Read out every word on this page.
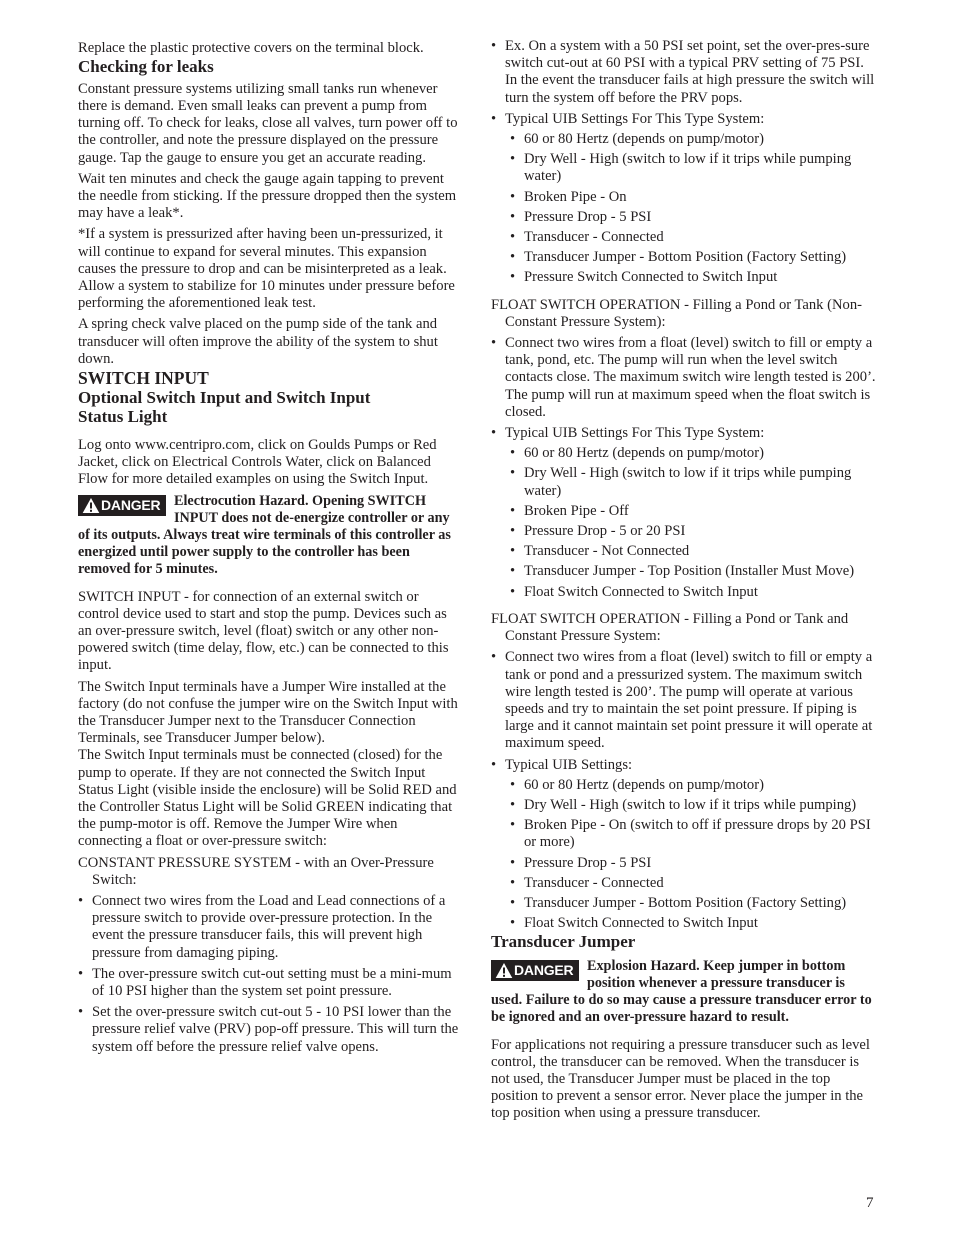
Replace the plastic protective covers on the terminal block.

Checking for leaks

Constant pressure systems utilizing small tanks run whenever there is demand. Even small leaks can prevent a pump from turning off. To check for leaks, close all valves, turn power off to the controller, and note the pressure displayed on the pressure gauge. Tap the gauge to ensure you get an accurate reading.

Wait ten minutes and check the gauge again tapping to prevent the needle from sticking. If the pressure dropped then the system may have a leak*.

*If a system is pressurized after having been un-pressurized, it will continue to expand for several minutes. This expansion causes the pressure to drop and can be misinterpreted as a leak. Allow a system to stabilize for 10 minutes under pressure before performing the aforementioned leak test.

A spring check valve placed on the pump side of the tank and transducer will often improve the ability of the system to shut down.

SWITCH INPUT
Optional Switch Input and Switch Input Status Light

Log onto www.centripro.com, click on Goulds Pumps or Red Jacket, click on Electrical Controls Water, click on Balanced Flow for more detailed examples on using the Switch Input.

DANGER Electrocution Hazard. Opening SWITCH INPUT does not de-energize controller or any of its outputs. Always treat wire terminals of this controller as energized until power supply to the controller has been removed for 5 minutes.

SWITCH INPUT - for connection of an external switch or control device used to start and stop the pump. Devices such as an over-pressure switch, level (float) switch or any other non-powered switch (time delay, flow, etc.) can be connected to this input.

The Switch Input terminals have a Jumper Wire installed at the factory (do not confuse the jumper wire on the Switch Input with the Transducer Jumper next to the Transducer Connection Terminals, see Transducer Jumper below).

The Switch Input terminals must be connected (closed) for the pump to operate. If they are not connected the Switch Input Status Light (visible inside the enclosure) will be Solid RED and the Controller Status Light will be Solid GREEN indicating that the pump-motor is off. Remove the Jumper Wire when connecting a float or over-pressure switch:

CONSTANT PRESSURE SYSTEM - with an Over-Pressure Switch:

• Connect two wires from the Load and Lead connections of a pressure switch to provide over-pressure protection. In the event the pressure transducer fails, this will prevent high pressure from damaging piping.
• The over-pressure switch cut-out setting must be a mini-mum of 10 PSI higher than the system set point pressure.
• Set the over-pressure switch cut-out 5 - 10 PSI lower than the pressure relief valve (PRV) pop-off pressure. This will turn the system off before the pressure relief valve opens.
• Ex. On a system with a 50 PSI set point, set the over-pres-sure switch cut-out at 60 PSI with a typical PRV setting of 75 PSI. In the event the transducer fails at high pressure the switch will turn the system off before the PRV pops.
• Typical UIB Settings For This Type System:
• 60 or 80 Hertz (depends on pump/motor)
• Dry Well - High (switch to low if it trips while pumping water)
• Broken Pipe - On
• Pressure Drop - 5 PSI
• Transducer - Connected
• Transducer Jumper - Bottom Position (Factory Setting)
• Pressure Switch Connected to Switch Input

FLOAT SWITCH OPERATION - Filling a Pond or Tank (Non-Constant Pressure System):

• Connect two wires from a float (level) switch to fill or empty a tank, pond, etc. The pump will run when the level switch contacts close. The maximum switch wire length tested is 200’. The pump will run at maximum speed when the float switch is closed.
• Typical UIB Settings For This Type System:
• 60 or 80 Hertz (depends on pump/motor)
• Dry Well - High (switch to low if it trips while pumping water)
• Broken Pipe - Off
• Pressure Drop - 5 or 20 PSI
• Transducer - Not Connected
• Transducer Jumper - Top Position (Installer Must Move)
• Float Switch Connected to Switch Input

FLOAT SWITCH OPERATION - Filling a Pond or Tank and Constant Pressure System:

• Connect two wires from a float (level) switch to fill or empty a tank or pond and a pressurized system. The maximum switch wire length tested is 200’. The pump will operate at various speeds and try to maintain the set point pressure. If piping is large and it cannot maintain set point pressure it will operate at maximum speed.
• Typical UIB Settings:
• 60 or 80 Hertz (depends on pump/motor)
• Dry Well - High (switch to low if it trips while pumping)
• Broken Pipe - On (switch to off if pressure drops by 20 PSI or more)
• Pressure Drop - 5 PSI
• Transducer - Connected
• Transducer Jumper - Bottom Position (Factory Setting)
• Float Switch Connected to Switch Input
Transducer Jumper
DANGER Explosion Hazard. Keep jumper in bottom position whenever a pressure transducer is used. Failure to do so may cause a pressure transducer error to be ignored and an over-pressure hazard to result.

For applications not requiring a pressure transducer such as level control, the transducer can be removed. When the transducer is not used, the Transducer Jumper must be placed in the top position to prevent a sensor error. Never place the jumper in the top position when using a pressure transducer.

7
